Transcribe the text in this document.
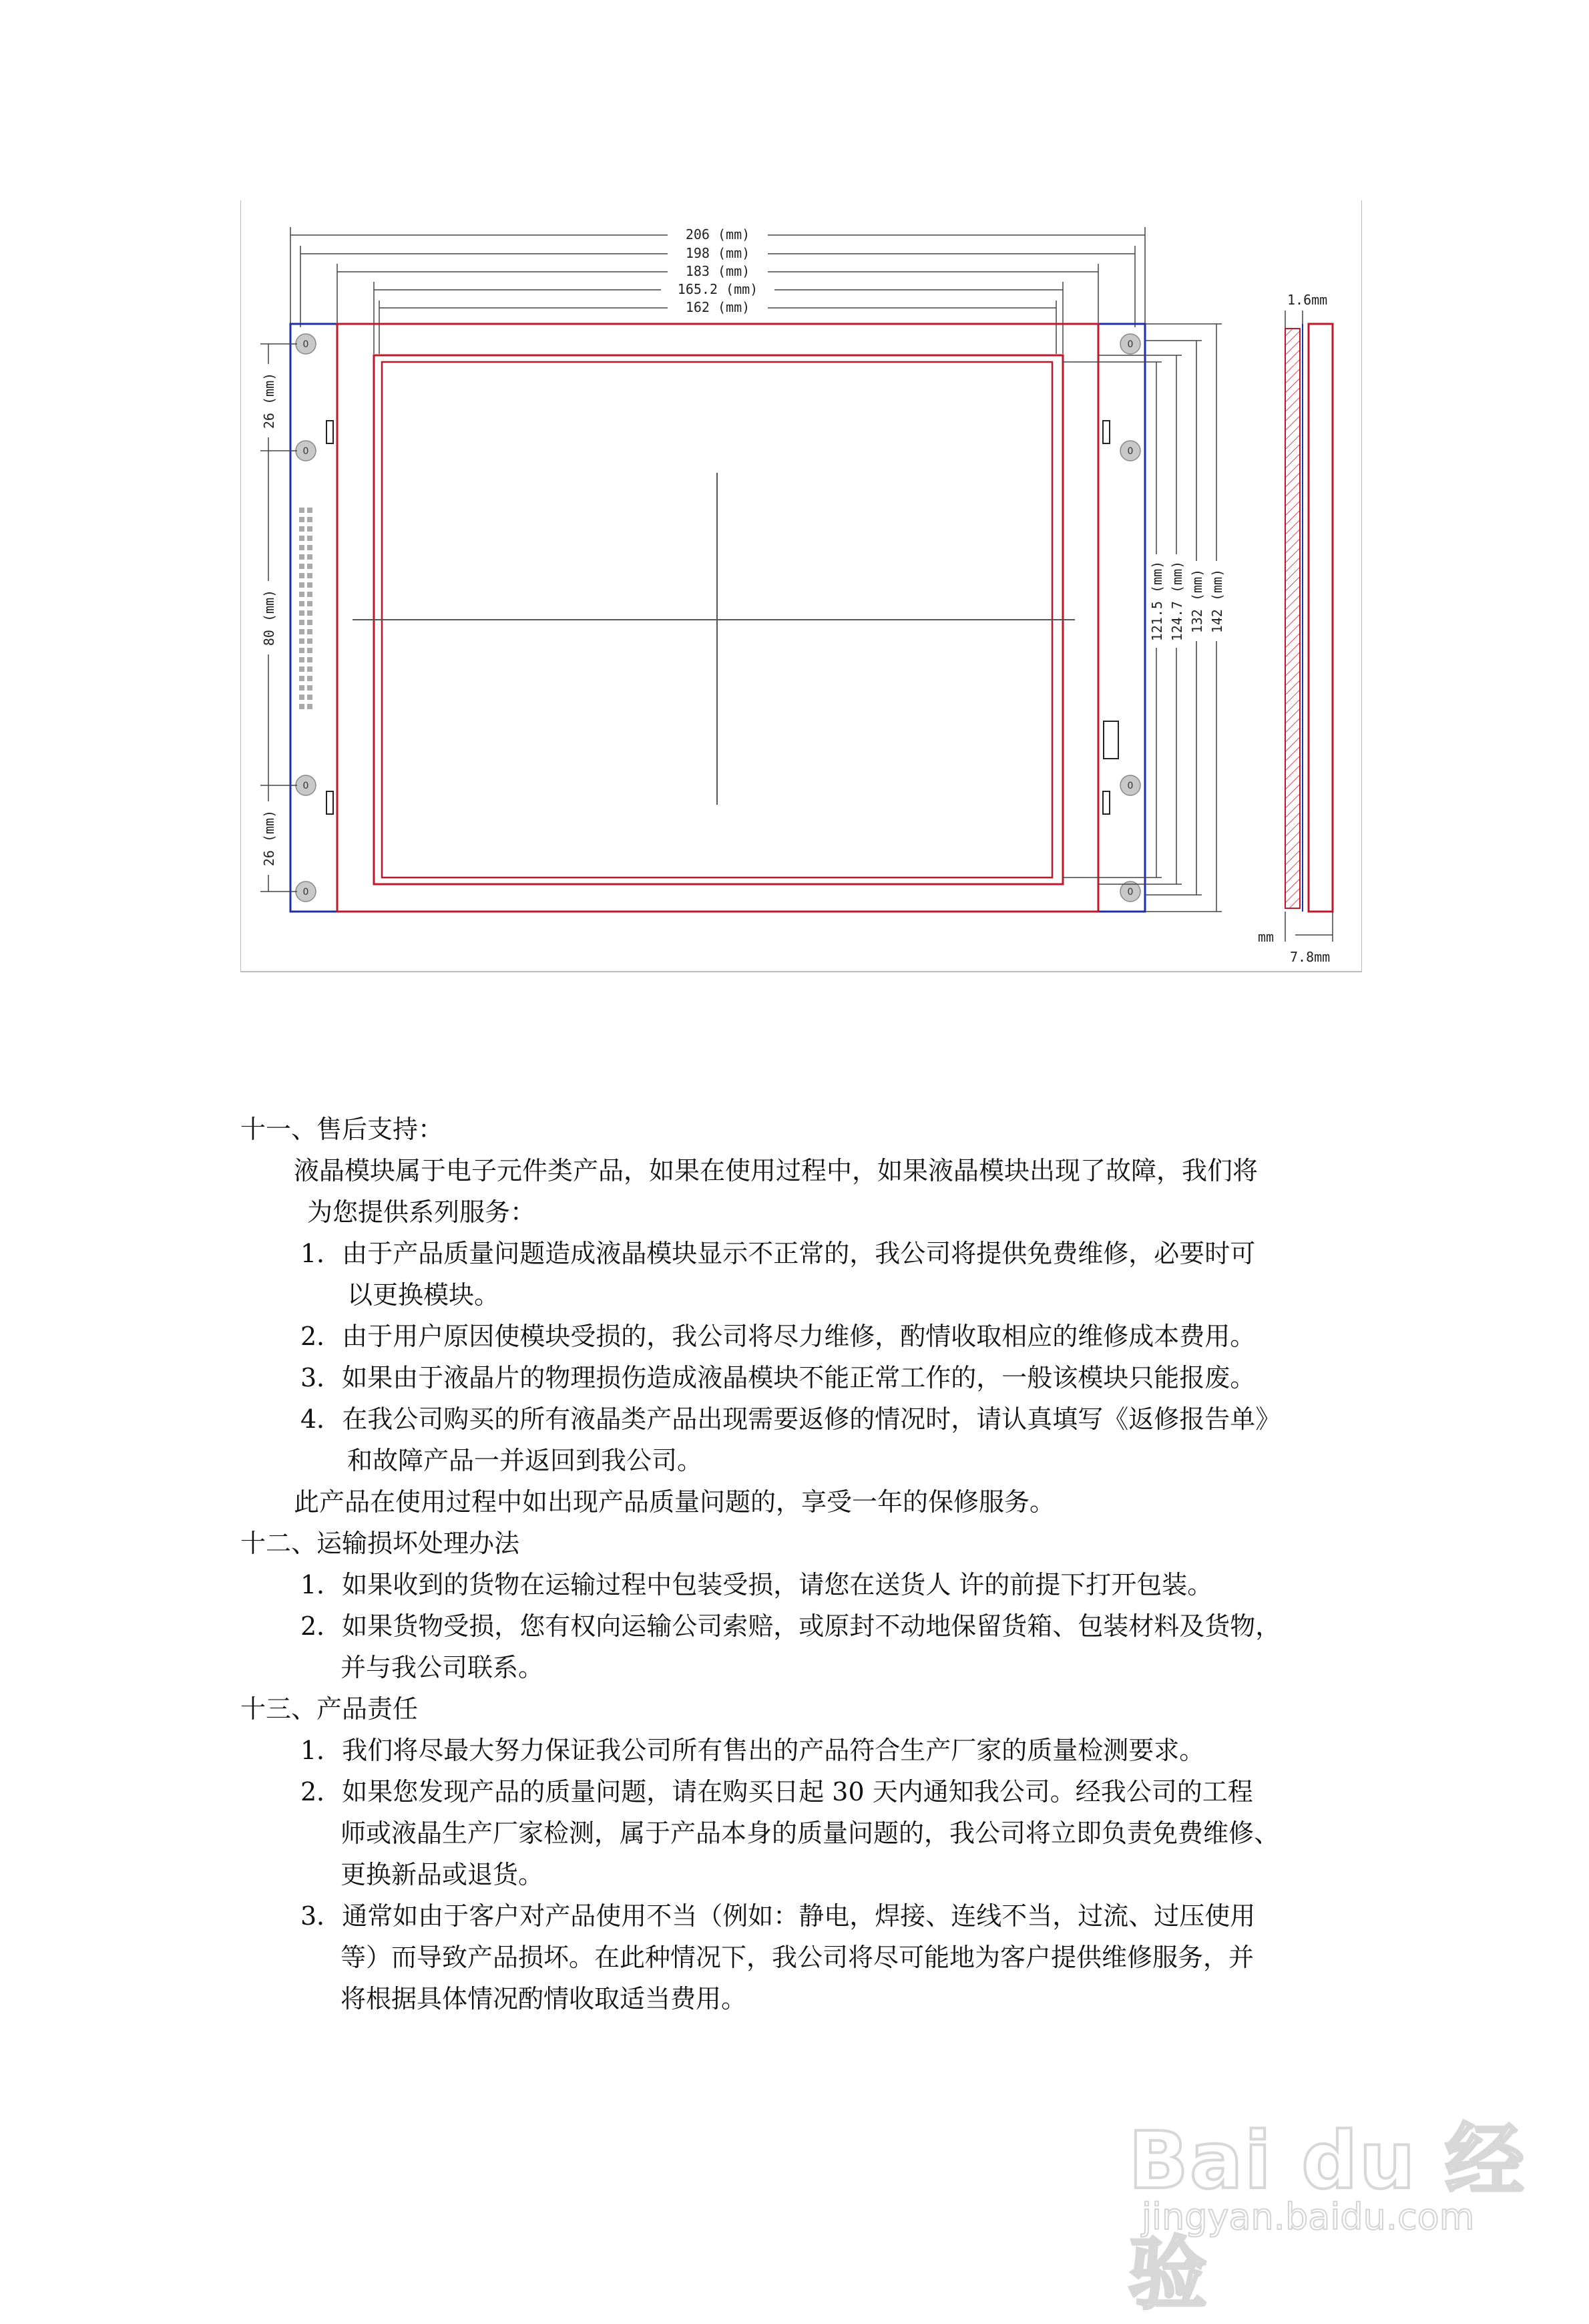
206 (mm)
198 (mm)
183 (mm)
165.2 (mm)
162 (mm)
0	0
0	0
0	0
0	0
26 (mm)
80 (mm)
26 (mm)
121.5 (mm) 124.7 (mm) 132 (mm) 142 (mm)
1.6mm
mm
7.8mm

十一、售后支持：

液晶模块属于电子元件类产品，如果在使用过程中，如果液晶模块出现了故障，我们将

为您提供系列服务：

1．由于产品质量问题造成液晶模块显示不正常的，我公司将提供免费维修，必要时可

以更换模块。

2．由于用户原因使模块受损的，我公司将尽力维修，酌情收取相应的维修成本费用。

3．如果由于液晶片的物理损伤造成液晶模块不能正常工作的，一般该模块只能报废。

4．在我公司购买的所有液晶类产品出现需要返修的情况时，请认真填写《返修报告单》

和故障产品一并返回到我公司。

此产品在使用过程中如出现产品质量问题的，享受一年的保修服务。

十二、运输损坏处理办法

1．如果收到的货物在运输过程中包装受损，请您在送货人 许的前提下打开包装。

2．如果货物受损，您有权向运输公司索赔，或原封不动地保留货箱、包装材料及货物，

并与我公司联系。

十三、产品责任

1．我们将尽最大努力保证我公司所有售出的产品符合生产厂家的质量检测要求。

2．如果您发现产品的质量问题，请在购买日起 30 天内通知我公司。经我公司的工程

师或液晶生产厂家检测，属于产品本身的质量问题的，我公司将立即负责免费维修、

更换新品或退货。

3．通常如由于客户对产品使用不当（例如：静电，焊接、连线不当，过流、过压使用

等）而导致产品损坏。在此种情况下，我公司将尽可能地为客户提供维修服务，并

将根据具体情况酌情收取适当费用。

Bai du 经验
jingyan.baidu.com
